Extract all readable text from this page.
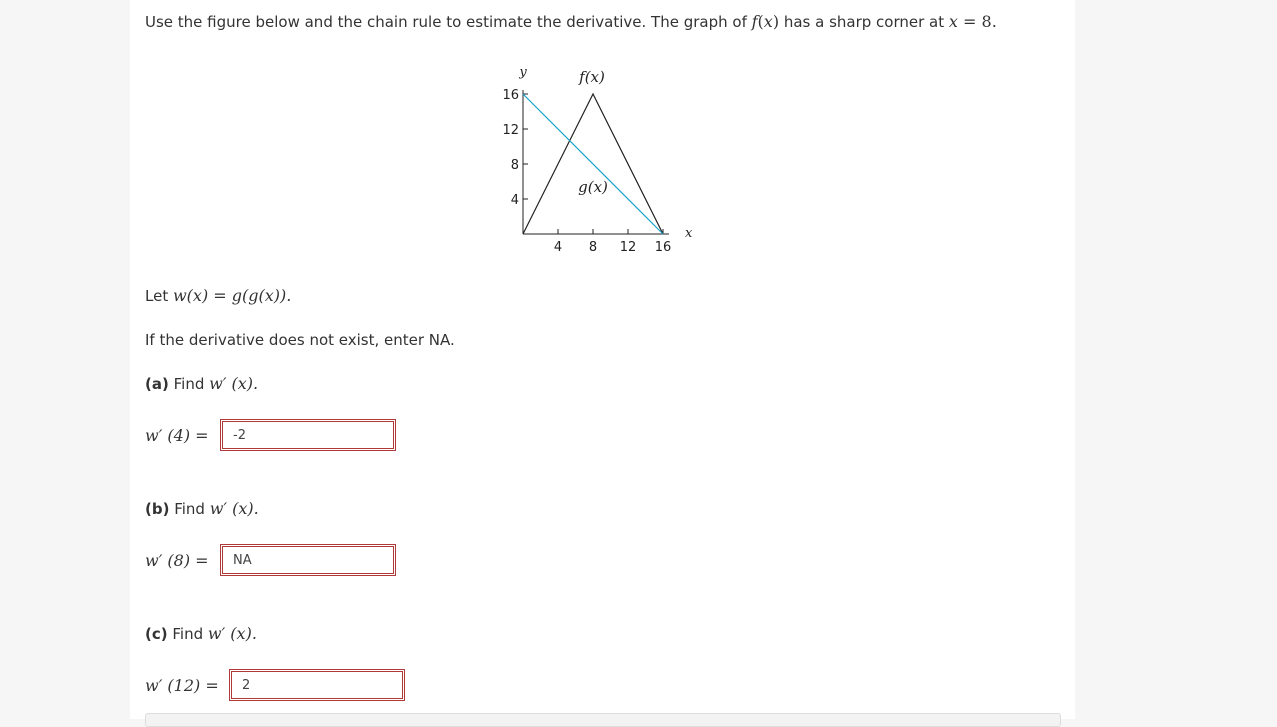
Use the figure below and the chain rule to estimate the derivative. The graph of f(x) has a sharp corner at x = 8.
4 8 12 16
4
8
12
16
x
y	f(x)
g(x)
Let w(x) = g(g(x)).
If the derivative does not exist, enter NA.
(a) Find w′ (x).
w′ (4) =
-2
(b) Find w′ (x).
w′ (8) =
NA
(c) Find w′ (x).
w′ (12) =
2
